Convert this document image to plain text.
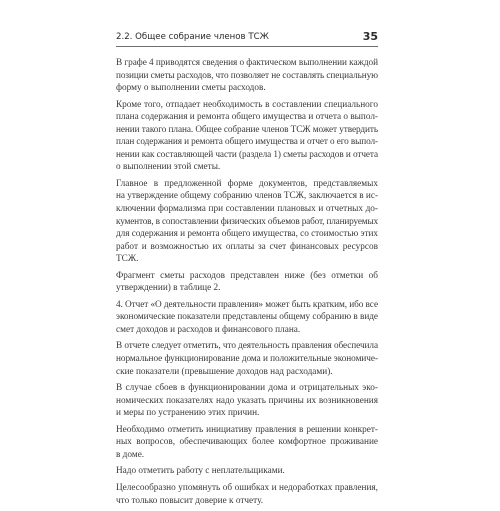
2.2. Общее собрание членов ТСЖ	35

В графе 4 приводятся сведения о фактическом выполнении каждой
позиции сметы расходов, что позволяет не составлять специальную
форму о выполнении сметы расходов.

Кроме того, отпадает необходимость в составлении специального
плана содержания и ремонта общего имущества и отчета о выпол-
нении такого плана. Общее собрание членов ТСЖ может утвердить
план содержания и ремонта общего имущества и отчет о его выпол-
нении как составляющей части (раздела 1) сметы расходов и отчета
о выполнении этой сметы.

Главное в предложенной форме документов, представляемых
на утверждение общему собранию членов ТСЖ, заключается в ис-
ключении формализма при составлении плановых и отчетных до-
кументов, в сопоставлении физических объемов работ, планируемых
для содержания и ремонта общего имущества, со стоимостью этих
работ и возможностью их оплаты за счет финансовых ресурсов
ТСЖ.

Фрагмент сметы расходов представлен ниже (без отметки об
утверждении) в таблице 2.

4. Отчет «О деятельности правления» может быть кратким, ибо все
экономические показатели представлены общему собранию в виде
смет доходов и расходов и финансового плана.

В отчете следует отметить, что деятельность правления обеспечила
нормальное функционирование дома и положительные экономиче-
ские показатели (превышение доходов над расходами).

В случае сбоев в функционировании дома и отрицательных эко-
номических показателях надо указать причины их возникновения
и меры по устранению этих причин.

Необходимо отметить инициативу правления в решении конкрет-
ных вопросов, обеспечивающих более комфортное проживание
в доме.

Надо отметить работу с неплательщиками.

Целесообразно упомянуть об ошибках и недоработках правления,
что только повысит доверие к отчету.
